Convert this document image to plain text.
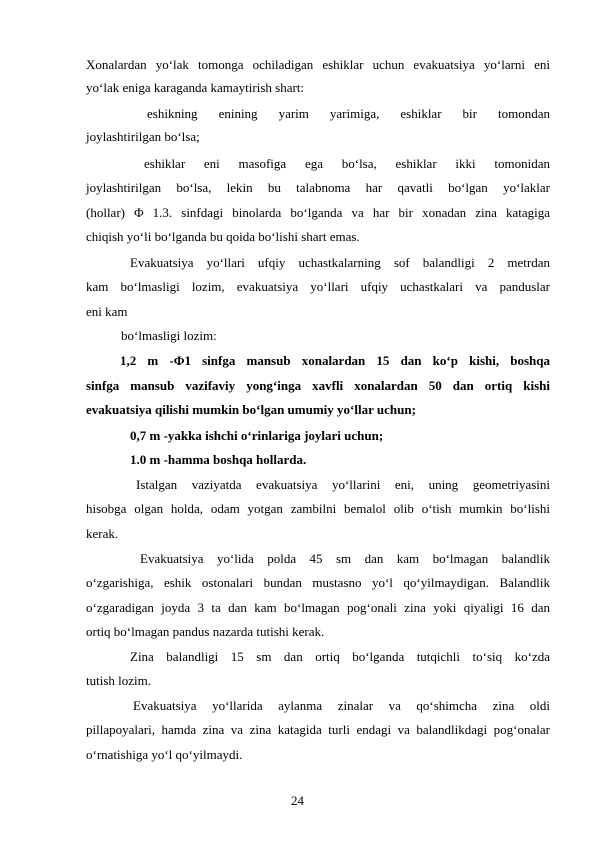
Xonalardan yo‘lak tomonga ochiladigan eshiklar uchun evakuatsiya yo‘larni eni
yo‘lak eniga karaganda kamaytirish shart:
eshikning enining yarim yarimiga, eshiklar bir tomondan
joylashtirilgan bo‘lsa;
eshiklar eni masofiga ega bo‘lsa, eshiklar ikki tomonidan
joylashtirilgan bo‘lsa, lekin bu talabnoma har qavatli bo‘lgan yo‘laklar
(hollar) Φ 1.3. sinfdagi binolarda bo‘lganda va har bir xonadan zina katagiga
chiqish yo‘li bo‘lganda bu qoida bo‘lishi shart emas.
Evakuatsiya yo‘llari ufqiy uchastkalarning sof balandligi 2 metrdan
kam bo‘lmasligi lozim, evakuatsiya yo‘llari ufqiy uchastkalari va panduslar
eni kam
bo‘lmasligi lozim:
1,2 m -Φ1 sinfga mansub xonalardan 15 dan ko‘p kishi, boshqa
sinfga mansub vazifaviy yong‘inga xavfli xonalardan 50 dan ortiq kishi
evakuatsiya qilishi mumkin bo‘lgan umumiy yo‘llar uchun;
0,7 m -yakka ishchi o‘rinlariga joylari uchun;
1.0 m -hamma boshqa hollarda.
Istalgan vaziyatda evakuatsiya yo‘llarini eni, uning geometriyasini
hisobga olgan holda, odam yotgan zambilni bemalol olib o‘tish mumkin bo‘lishi
kerak.
Evakuatsiya yo‘lida polda 45 sm dan kam bo‘lmagan balandlik
o‘zgarishiga, eshik ostonalari bundan mustasno yo‘l qo‘yilmaydigan. Balandlik
o‘zgaradigan joyda 3 ta dan kam bo‘lmagan pog‘onali zina yoki qiyaligi 16 dan
ortiq bo‘lmagan pandus nazarda tutishi kerak.
Zina balandligi 15 sm dan ortiq bo‘lganda tutqichli to‘siq ko‘zda
tutish lozim.
Evakuatsiya yo‘llarida aylanma zinalar va qo‘shimcha zina oldi
pillapoyalari, hamda zina va zina katagida turli endagi va balandlikdagi pog‘onalar
o‘rnatishiga yo‘l qo‘yilmaydi.
24
